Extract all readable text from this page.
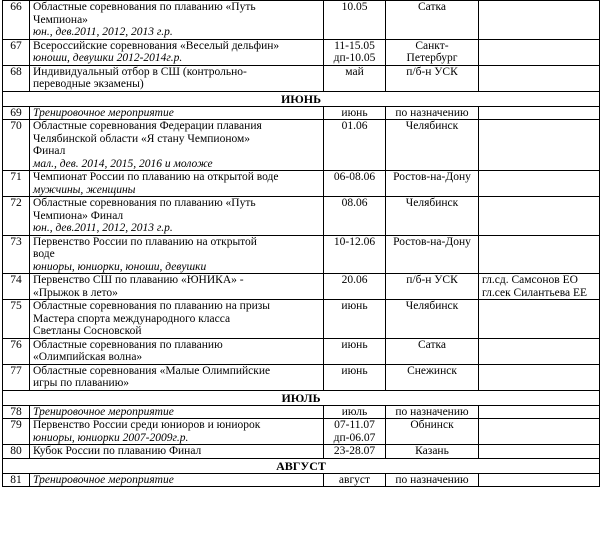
66	Областные соревнования по плаванию «Путь
Чемпиона»
юн., дев.2011, 2012, 2013 г.р.	10.05	Сатка	

67	Всероссийские соревнования «Веселый дельфин»
юноши, девушки 2012-2014г.р.	11-15.05
дп-10.05	Санкт-
Петербург	

68	Индивидуальный отбор в СШ (контрольно-
переводные экзамены)	май	п/б-н УСК	

ИЮНЬ				
69	Тренировочное мероприятие	июнь	по назначению	

70	Областные соревнования Федерации плавания
Челябинской области «Я стану Чемпионом»
Финал
мал., дев. 2014, 2015, 2016 и моложе	01.06	Челябинск	

71	Чемпионат России по плаванию на открытой воде
мужчины, женщины	06-08.06	Ростов-на-Дону	

72	Областные соревнования по плаванию «Путь
Чемпиона» Финал
юн., дев.2011, 2012, 2013 г.р.	08.06	Челябинск	

73	Первенство России по плаванию на открытой
воде
юниоры, юниорки, юноши, девушки	10-12.06	Ростов-на-Дону	

74	Первенство СШ по плаванию «ЮНИКА» -
«Прыжок в лето»	20.06	п/б-н УСК	гл.сд. Самсонов ЕО
гл.сек Силантьева ЕЕ

75	Областные соревнования по плаванию на призы
Мастера спорта международного класса
Светланы Сосновской	июнь	Челябинск	

76	Областные соревнования по плаванию
«Олимпийская волна»	июнь	Сатка	

77	Областные соревнования «Малые Олимпийские
игры по плаванию»	июнь	Снежинск	

ИЮЛЬ				
78	Тренировочное мероприятие	июль	по назначению	

79	Первенство России среди юниоров и юниорок
юниоры, юниорки 2007-2009г.р.	07-11.07
дп-06.07	Обнинск	

80	Кубок России по плаванию Финал	23-28.07	Казань	

АВГУСТ				
81	Тренировочное мероприятие	август	по назначению	
